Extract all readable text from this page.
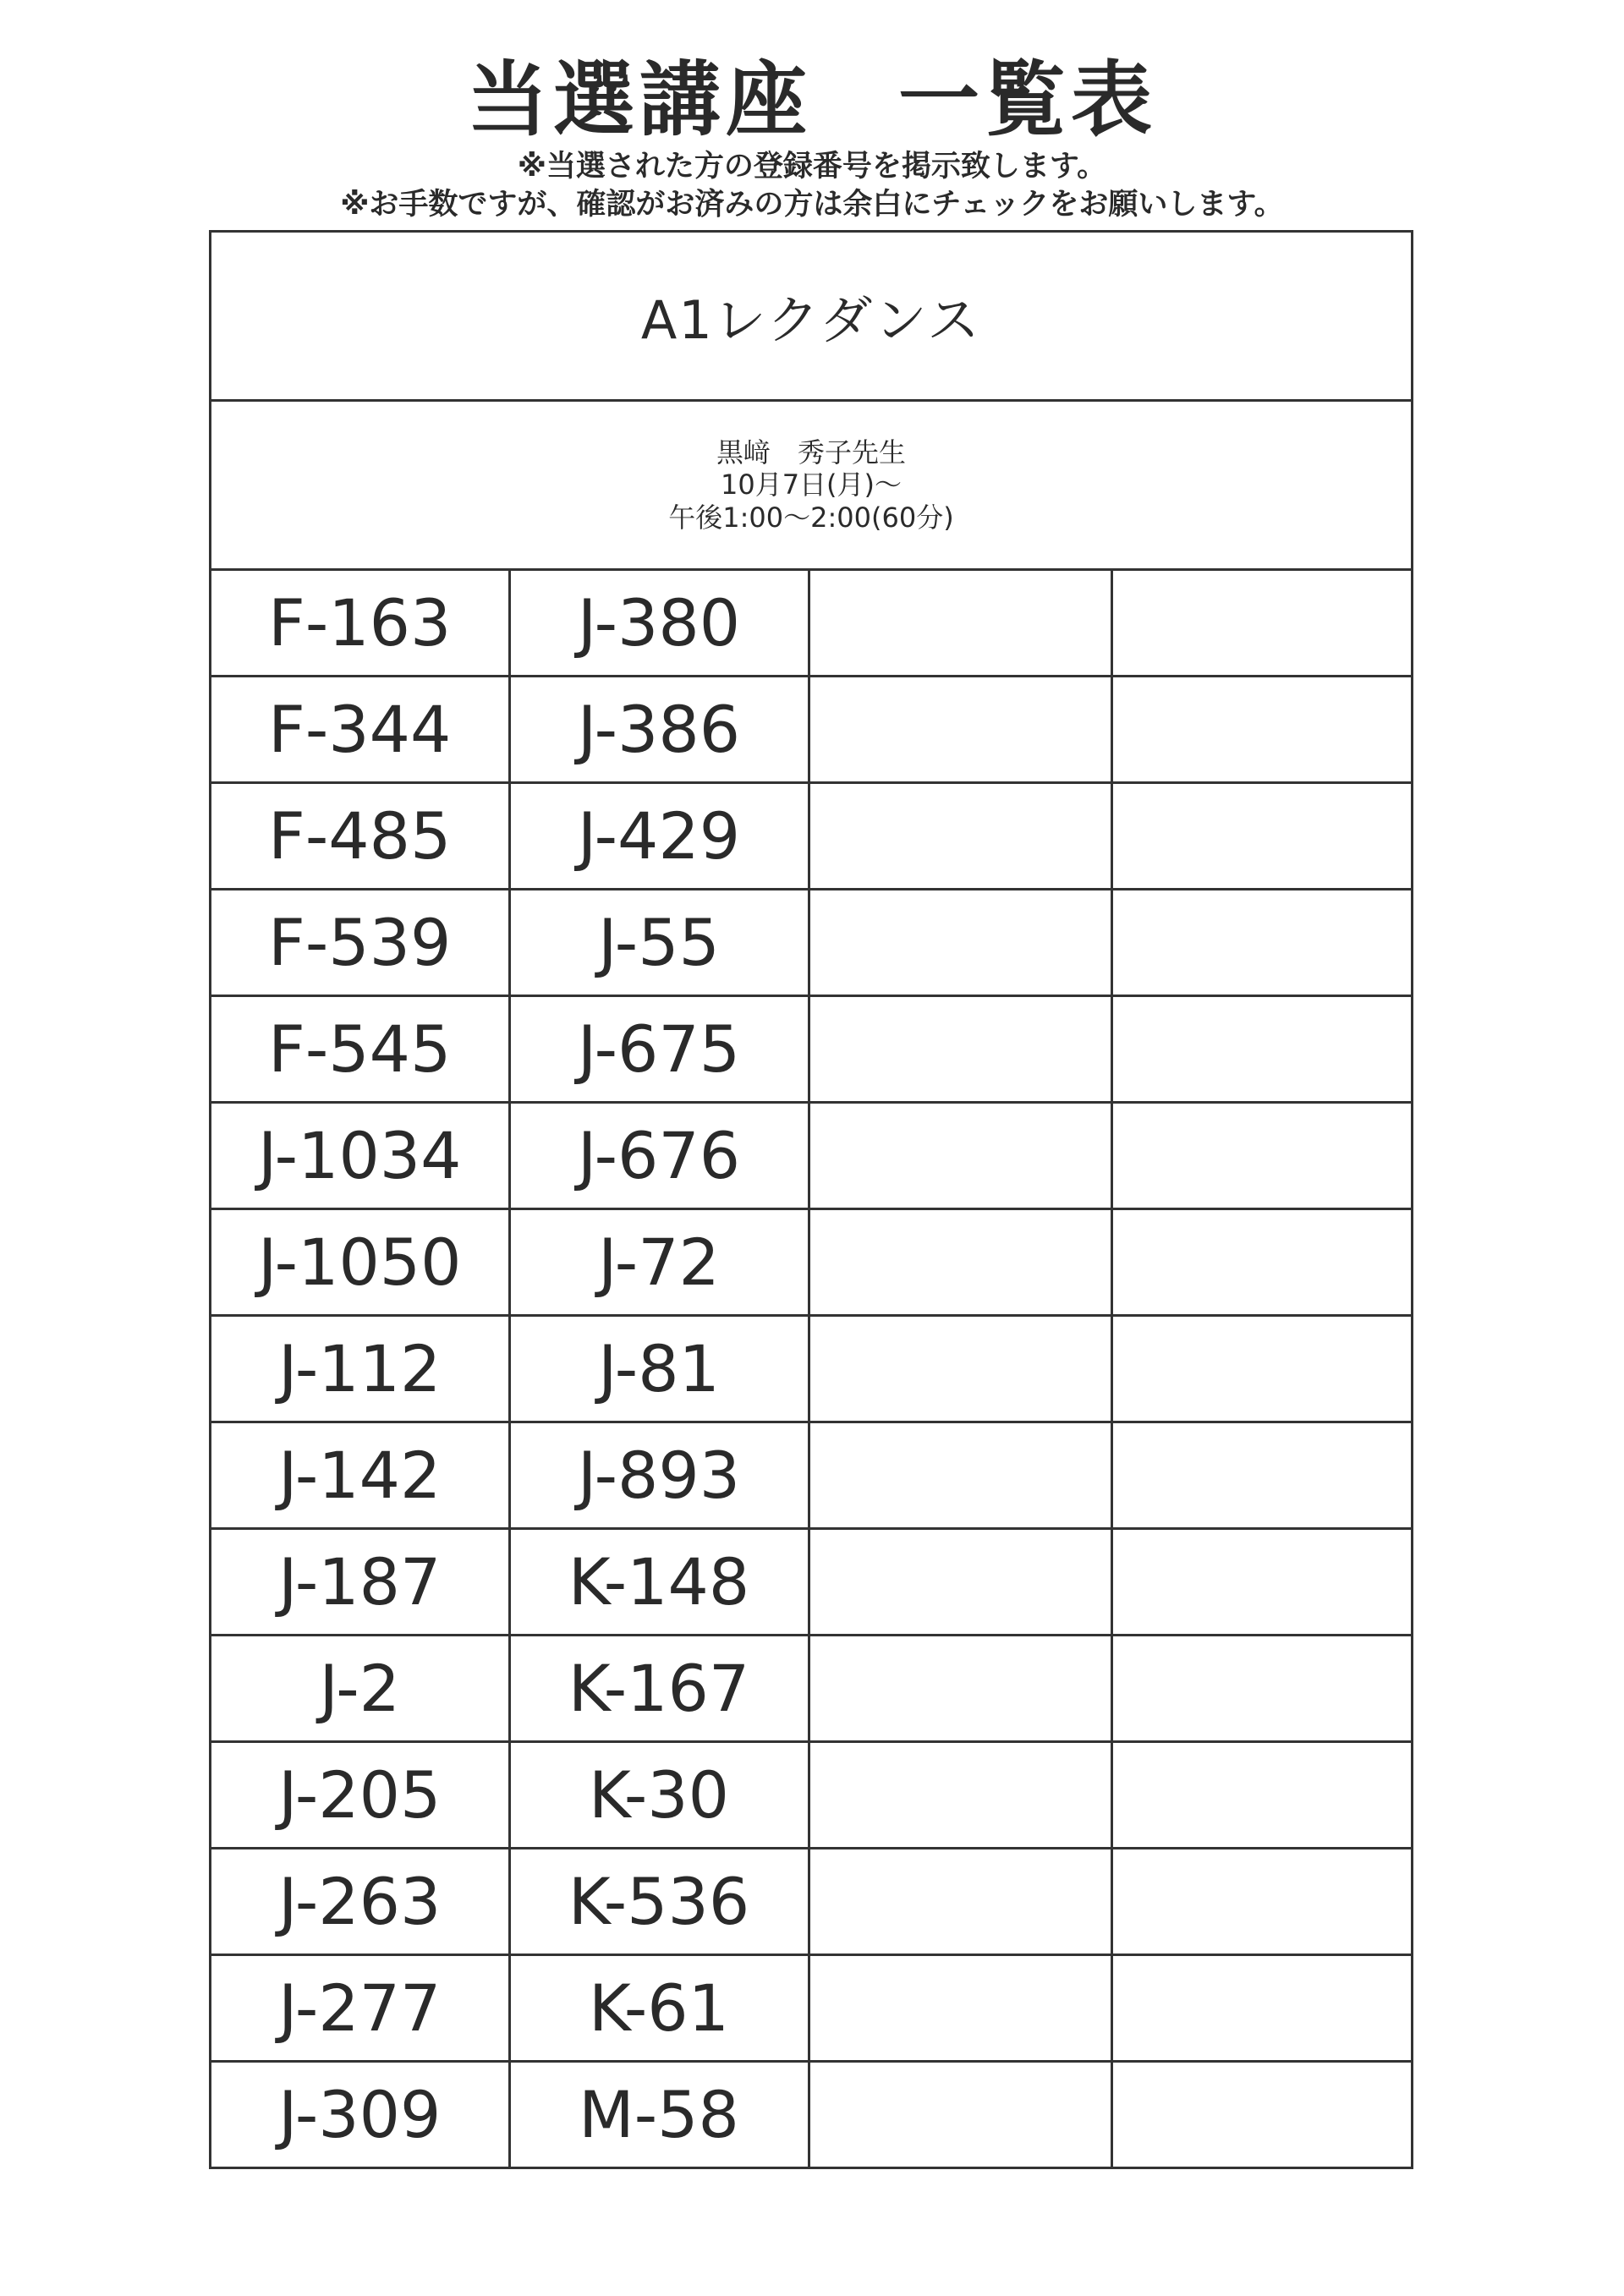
当選講座　一覧表
※当選された方の登録番号を掲示致します。
※お手数ですが、確認がお済みの方は余白にチェックをお願いします。
A1レクダンス
黒﨑　秀子先生
10月7日(月)～
午後1:00～2:00(60分)
F-163	J-380		
F-344	J-386		
F-485	J-429		
F-539	J-55		
F-545	J-675		
J-1034	J-676		
J-1050	J-72		
J-112	J-81		
J-142	J-893		
J-187	K-148		
J-2	K-167		
J-205	K-30		
J-263	K-536		
J-277	K-61		
J-309	M-58		
